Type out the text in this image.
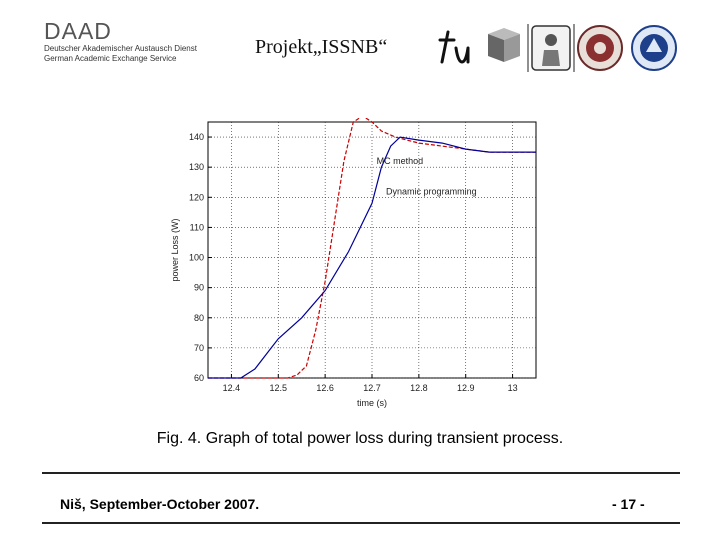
DAAD
Deutscher Akademischer Austausch Dienst
German Academic Exchange Service
Projekt„ISSNB“
12.4	12.5	12.6	12.7	12.8	12.9	13
60
70
80
90
100
110
120
130
140
MC method
Dynamic programming
time (s)
power Loss (W)
Fig. 4. Graph of total power loss during transient process.
Niš, September-October 2007.	- 17 -
